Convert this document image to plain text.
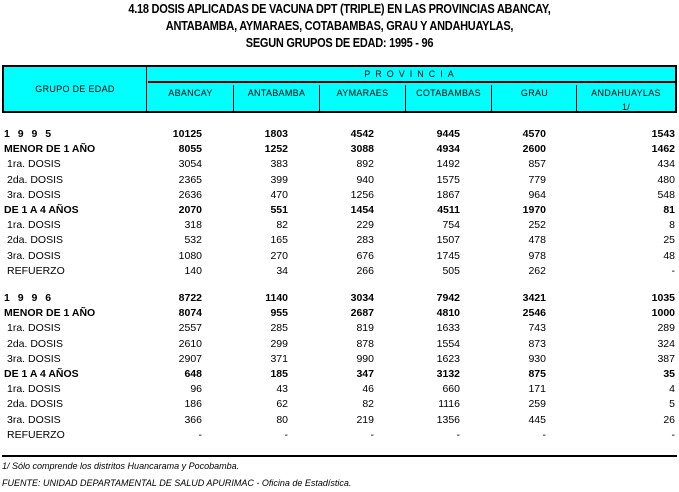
4.18 DOSIS APLICADAS DE VACUNA DPT (TRIPLE) EN LAS PROVINCIAS ABANCAY,
ANTABAMBA, AYMARAES, COTABAMBAS, GRAU Y ANDAHUAYLAS,
SEGUN GRUPOS DE EDAD: 1995 - 96
GRUPO DE EDAD
PROVINCIA
ABANCAY	ANTABAMBA	AYMARAES	COTABAMBAS	GRAU	ANDAHUAYLAS
1/
1 9 9 5	10125	1803	4542	9445	4570	1543
MENOR DE 1 AÑO	8055	1252	3088	4934	2600	1462
1ra. DOSIS	3054	383	892	1492	857	434
2da. DOSIS	2365	399	940	1575	779	480
3ra. DOSIS	2636	470	1256	1867	964	548
DE 1 A 4 AÑOS	2070	551	1454	4511	1970	81
1ra. DOSIS	318	82	229	754	252	8
2da. DOSIS	532	165	283	1507	478	25
3ra. DOSIS	1080	270	676	1745	978	48
REFUERZO	140	34	266	505	262	-
1 9 9 6	8722	1140	3034	7942	3421	1035
MENOR DE 1 AÑO	8074	955	2687	4810	2546	1000
1ra. DOSIS	2557	285	819	1633	743	289
2da. DOSIS	2610	299	878	1554	873	324
3ra. DOSIS	2907	371	990	1623	930	387
DE 1 A 4 AÑOS	648	185	347	3132	875	35
1ra. DOSIS	96	43	46	660	171	4
2da. DOSIS	186	62	82	1116	259	5
3ra. DOSIS	366	80	219	1356	445	26
REFUERZO	-	-	-	-	-	-
1/ Sólo comprende los distritos Huancarama y Pocobamba.
FUENTE: UNIDAD DEPARTAMENTAL DE SALUD APURIMAC - Oficina de Estadística.
